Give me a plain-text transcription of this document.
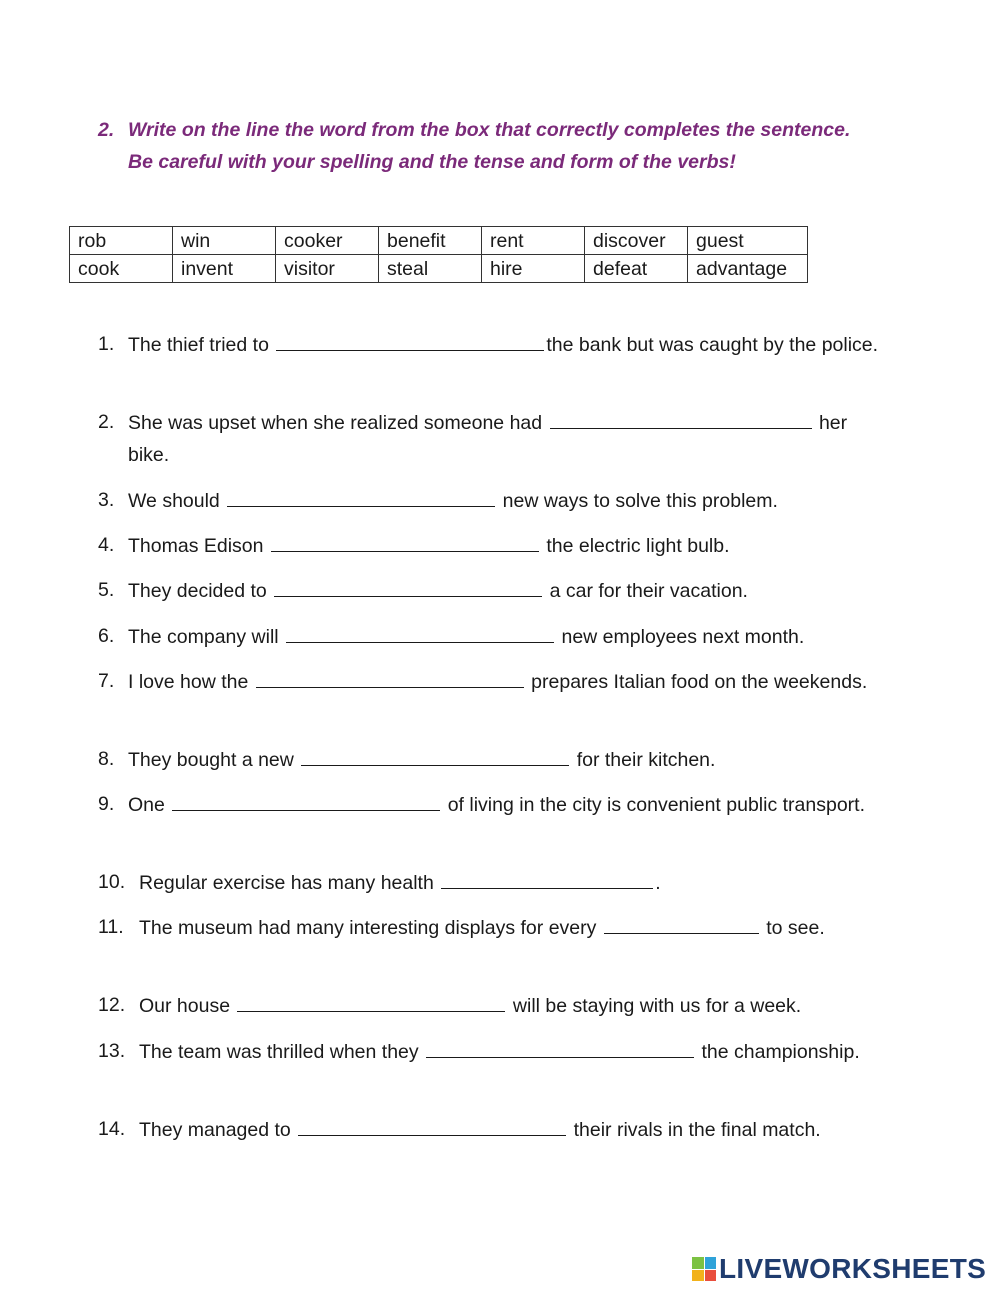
2. Write on the line the word from the box that correctly completes the sentence. Be careful with your spelling and the tense and form of the verbs!
rob	win	cooker	benefit	rent	discover	guest
cook	invent	visitor	steal	hire	defeat	advantage
1. The thief tried to	the bank but was caught by the police.
2. She was upset when she realized someone had	her bike.
3. We should	new ways to solve this problem.
4. Thomas Edison	the electric light bulb.
5. They decided to	a car for their vacation.
6. The company will	new employees next month.
7. I love how the	prepares Italian food on the weekends.
8. They bought a new	for their kitchen.
9. One	of living in the city is convenient public transport.
10. Regular exercise has many health	.
11. The museum had many interesting displays for every	to see.
12. Our house	will be staying with us for a week.
13. The team was thrilled when they	the championship.
14. They managed to	their rivals in the final match.
LIVEWORKSHEETS
